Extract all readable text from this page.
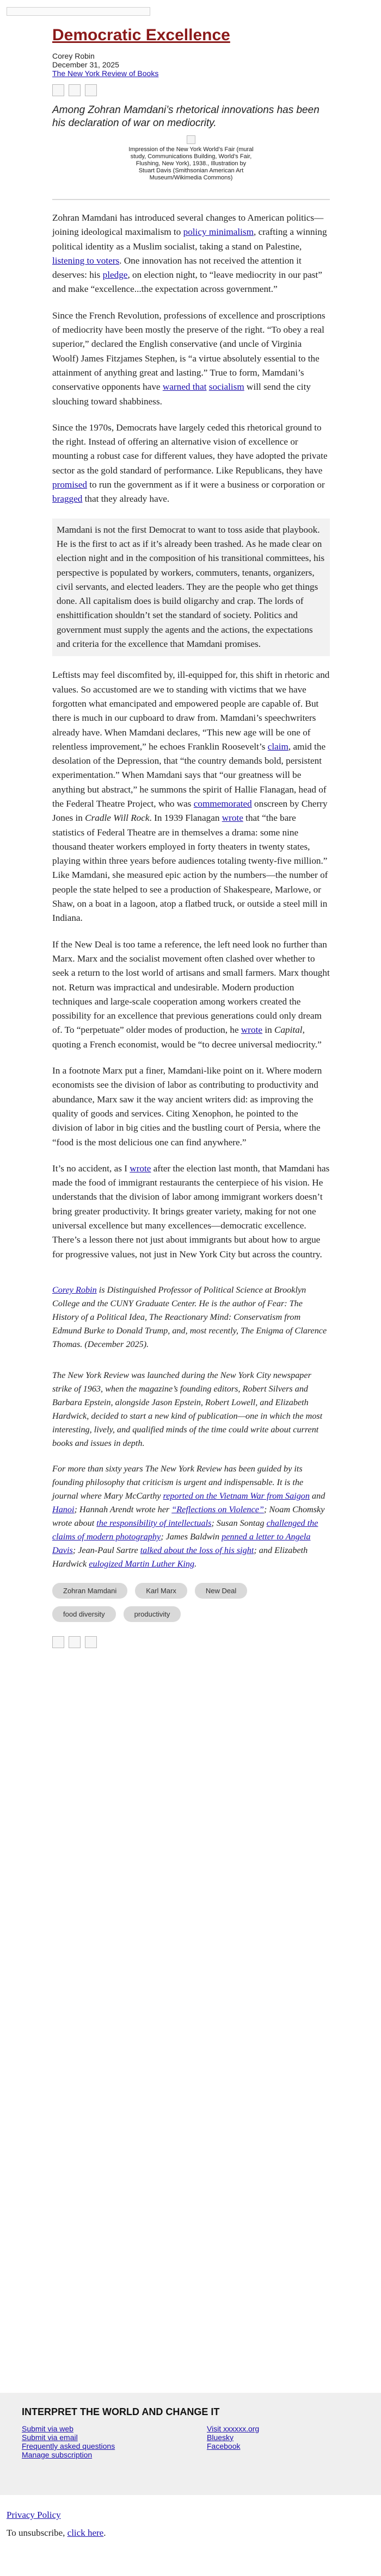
Democratic Excellence
Corey Robin
December 31, 2025
The New York Review of Books
Among Zohran Mamdani’s rhetorical innovations has been his declaration of war on mediocrity.
Impression of the New York World’s Fair (mural study, Communications Building, World’s Fair, Flushing, New York), 1938., Illustration by Stuart Davis (Smithsonian American Art Museum/Wikimedia Commons)

Zohran Mamdani has introduced several changes to American politics—joining ideological maximalism to policy minimalism, crafting a winning political identity as a Muslim socialist, taking a stand on Palestine, listening to voters. One innovation has not received the attention it deserves: his pledge, on election night, to “leave mediocrity in our past” and make “excellence...the expectation across government.”

Since the French Revolution, professions of excellence and proscriptions of mediocrity have been mostly the preserve of the right. “To obey a real superior,” declared the English conservative (and uncle of Virginia Woolf) James Fitzjames Stephen, is “a virtue absolutely essential to the attainment of anything great and lasting.” True to form, Mamdani’s conservative opponents have warned that socialism will send the city slouching toward shabbiness.

Since the 1970s, Democrats have largely ceded this rhetorical ground to the right. Instead of offering an alternative vision of excellence or mounting a robust case for different values, they have adopted the private sector as the gold standard of performance. Like Republicans, they have promised to run the government as if it were a business or corporation or bragged that they already have.

Mamdani is not the first Democrat to want to toss aside that playbook. He is the first to act as if it’s already been trashed. As he made clear on election night and in the composition of his transitional committees, his perspective is populated by workers, commuters, tenants, organizers, civil servants, and elected leaders. They are the people who get things done. All capitalism does is build oligarchy and crap. The lords of enshittification shouldn’t set the standard of society. Politics and government must supply the agents and the actions, the expectations and criteria for the excellence that Mamdani promises.

Leftists may feel discomfited by, ill-equipped for, this shift in rhetoric and values. So accustomed are we to standing with victims that we have forgotten what emancipated and empowered people are capable of. But there is much in our cupboard to draw from. Mamdani’s speechwriters already have. When Mamdani declares, “This new age will be one of relentless improvement,” he echoes Franklin Roosevelt’s claim, amid the desolation of the Depression, that “the country demands bold, persistent experimentation.” When Mamdani says that “our greatness will be anything but abstract,” he summons the spirit of Hallie Flanagan, head of the Federal Theatre Project, who was commemorated onscreen by Cherry Jones in Cradle Will Rock. In 1939 Flanagan wrote that “the bare statistics of Federal Theatre are in themselves a drama: some nine thousand theater workers employed in forty theaters in twenty states, playing within three years before audiences totaling twenty-five million.” Like Mamdani, she measured epic action by the numbers—the number of people the state helped to see a production of Shakespeare, Marlowe, or Shaw, on a boat in a lagoon, atop a flatbed truck, or outside a steel mill in Indiana.

If the New Deal is too tame a reference, the left need look no further than Marx. Marx and the socialist movement often clashed over whether to seek a return to the lost world of artisans and small farmers. Marx thought not. Return was impractical and undesirable. Modern production techniques and large-scale cooperation among workers created the possibility for an excellence that previous generations could only dream of. To “perpetuate” older modes of production, he wrote in Capital, quoting a French economist, would be “to decree universal mediocrity.”

In a footnote Marx put a finer, Mamdani-like point on it. Where modern economists see the division of labor as contributing to productivity and abundance, Marx saw it the way ancient writers did: as improving the quality of goods and services. Citing Xenophon, he pointed to the division of labor in big cities and the bustling court of Persia, where the “food is the most delicious one can find anywhere.”

It’s no accident, as I wrote after the election last month, that Mamdani has made the food of immigrant restaurants the centerpiece of his vision. He understands that the division of labor among immigrant workers doesn’t bring greater productivity. It brings greater variety, making for not one universal excellence but many excellences—democratic excellence. There’s a lesson there not just about immigrants but about how to argue for progressive values, not just in New York City but across the country.

Corey Robin is Distinguished Professor of Political Science at Brooklyn College and the CUNY Graduate Center. He is the author of Fear: The History of a Political Idea, The Reactionary Mind: Conservatism from Edmund Burke to Donald Trump, and, most recently, The Enigma of Clarence Thomas. (December 2025).

The New York Review was launched during the New York City newspaper strike of 1963, when the magazine’s founding editors, Robert Silvers and Barbara Epstein, alongside Jason Epstein, Robert Lowell, and Elizabeth Hardwick, decided to start a new kind of publication—one in which the most interesting, lively, and qualified minds of the time could write about current books and issues in depth.

For more than sixty years The New York Review has been guided by its founding philosophy that criticism is urgent and indispensable. It is the journal where Mary McCarthy reported on the Vietnam War from Saigon and Hanoi; Hannah Arendt wrote her “Reflections on Violence”; Noam Chomsky wrote about the responsibility of intellectuals; Susan Sontag challenged the claims of modern photography; James Baldwin penned a letter to Angela Davis; Jean-Paul Sartre talked about the loss of his sight; and Elizabeth Hardwick eulogized Martin Luther King.

Zohran Mamdani	Karl Marx	New Deal
food diversity	productivity
INTERPRET THE WORLD AND CHANGE IT
Submit via web
Submit via email
Frequently asked questions
Manage subscription
Visit xxxxxx.org
Bluesky
Facebook
Privacy Policy
To unsubscribe, click here.
